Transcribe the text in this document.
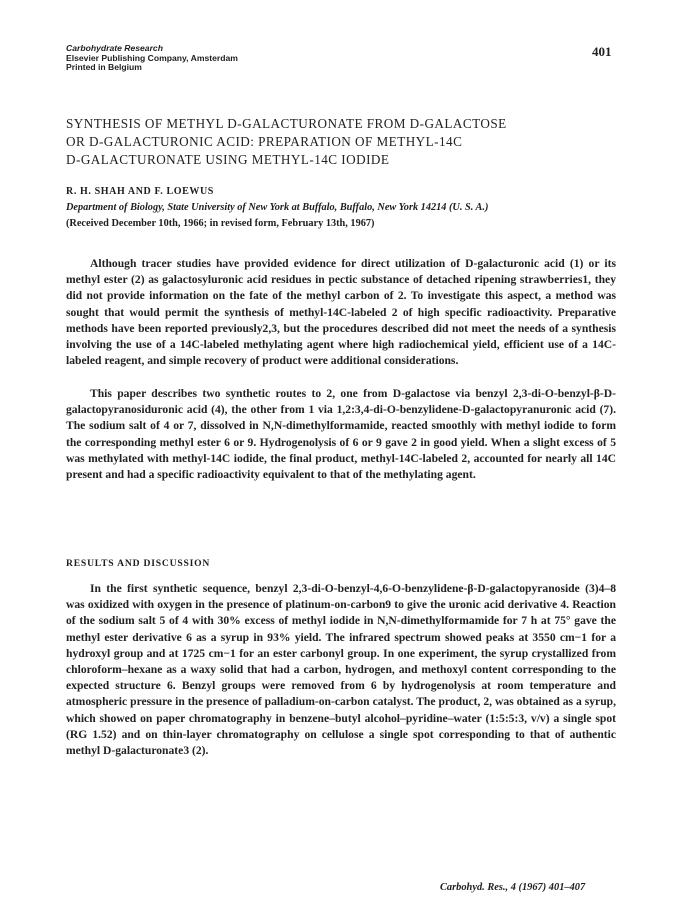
Carbohydrate Research
Elsevier Publishing Company, Amsterdam
Printed in Belgium
401
SYNTHESIS OF METHYL D-GALACTURONATE FROM D-GALACTOSE
OR D-GALACTURONIC ACID: PREPARATION OF METHYL-14C
D-GALACTURONATE USING METHYL-14C IODIDE
R. H. SHAH AND F. LOEWUS
Department of Biology, State University of New York at Buffalo, Buffalo, New York 14214 (U. S. A.)
(Received December 10th, 1966; in revised form, February 13th, 1967)

Although tracer studies have provided evidence for direct utilization of D-galacturonic acid (1) or its methyl ester (2) as galactosyluronic acid residues in pectic substance of detached ripening strawberries1, they did not provide information on the fate of the methyl carbon of 2. To investigate this aspect, a method was sought that would permit the synthesis of methyl-14C-labeled 2 of high specific radioactivity. Preparative methods have been reported previously2,3, but the procedures described did not meet the needs of a synthesis involving the use of a 14C-labeled methylating agent where high radiochemical yield, efficient use of a 14C-labeled reagent, and simple recovery of product were additional considerations.

This paper describes two synthetic routes to 2, one from D-galactose via benzyl 2,3-di-O-benzyl-β-D-galactopyranosiduronic acid (4), the other from 1 via 1,2:3,4-di-O-benzylidene-D-galactopyranuronic acid (7). The sodium salt of 4 or 7, dissolved in N,N-dimethylformamide, reacted smoothly with methyl iodide to form the corresponding methyl ester 6 or 9. Hydrogenolysis of 6 or 9 gave 2 in good yield. When a slight excess of 5 was methylated with methyl-14C iodide, the final product, methyl-14C-labeled 2, accounted for nearly all 14C present and had a specific radioactivity equivalent to that of the methylating agent.

RESULTS AND DISCUSSION

In the first synthetic sequence, benzyl 2,3-di-O-benzyl-4,6-O-benzylidene-β-D-galactopyranoside (3)4–8 was oxidized with oxygen in the presence of platinum-on-carbon9 to give the uronic acid derivative 4. Reaction of the sodium salt 5 of 4 with 30% excess of methyl iodide in N,N-dimethylformamide for 7 h at 75° gave the methyl ester derivative 6 as a syrup in 93% yield. The infrared spectrum showed peaks at 3550 cm−1 for a hydroxyl group and at 1725 cm−1 for an ester carbonyl group. In one experiment, the syrup crystallized from chloroform–hexane as a waxy solid that had a carbon, hydrogen, and methoxyl content corresponding to the expected structure 6. Benzyl groups were removed from 6 by hydrogenolysis at room temperature and atmospheric pressure in the presence of palladium-on-carbon catalyst. The product, 2, was obtained as a syrup, which showed on paper chromatography in benzene–butyl alcohol–pyridine–water (1:5:5:3, v/v) a single spot (RG 1.52) and on thin-layer chromatography on cellulose a single spot corresponding to that of authentic methyl D-galacturonate3 (2).

Carbohyd. Res., 4 (1967) 401–407
